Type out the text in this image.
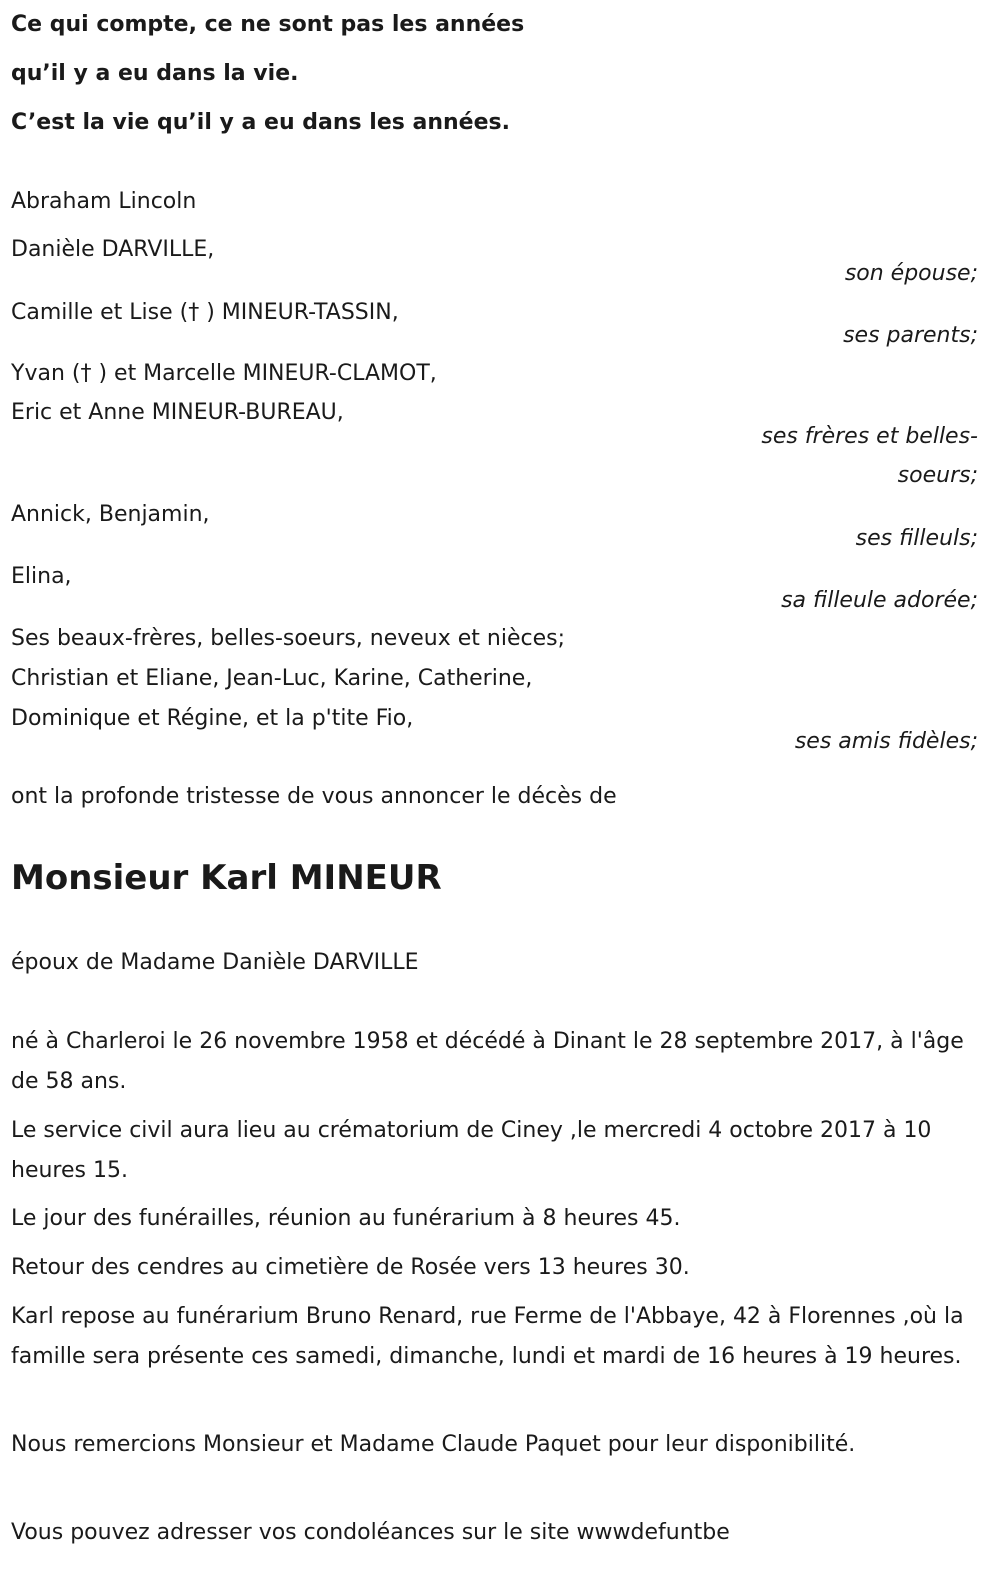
Ce qui compte, ce ne sont pas les années
qu’il y a eu dans la vie.
C’est la vie qu’il y a eu dans les années.
Abraham Lincoln
Danièle DARVILLE,
son épouse;
Camille et Lise († ) MINEUR-TASSIN,
ses parents;
Yvan († ) et Marcelle MINEUR-CLAMOT,
Eric et Anne MINEUR-BUREAU,
ses frères et belles-
soeurs;
Annick, Benjamin,
ses filleuls;
Elina,
sa filleule adorée;
Ses beaux-frères, belles-soeurs, neveux et nièces;
Christian et Eliane, Jean-Luc, Karine, Catherine,
Dominique et Régine, et la p'tite Fio,
ses amis fidèles;
ont la profonde tristesse de vous annoncer le décès de
Monsieur Karl MINEUR
époux de Madame Danièle DARVILLE
né à Charleroi le 26 novembre 1958 et décédé à Dinant le 28 septembre 2017, à l'âge de 58 ans.
Le service civil aura lieu au crématorium de Ciney ,le mercredi 4 octobre 2017 à 10 heures 15.
Le jour des funérailles, réunion au funérarium à 8 heures 45.
Retour des cendres au cimetière de Rosée vers 13 heures 30.
Karl repose au funérarium Bruno Renard, rue Ferme de l'Abbaye, 42 à Florennes ,où la famille sera présente ces samedi, dimanche, lundi et mardi de 16 heures à 19 heures.
Nous remercions Monsieur et Madame Claude Paquet pour leur disponibilité.
Vous pouvez adresser vos condoléances sur le site wwwdefuntbe
